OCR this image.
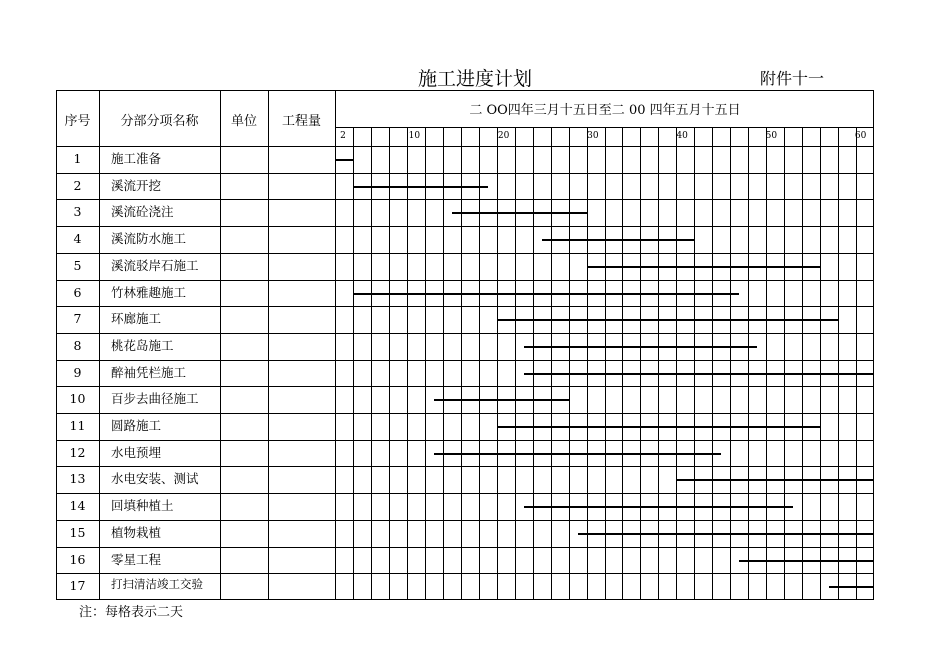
施工进度计划	附件十一
序号	分部分项名称	单位	工程量
二 OO四年三月十五日至二 00 四年五月十五日
2	10	20	30	40	50	60
1	施工准备
2	溪流开挖
3	溪流砼浇注
4	溪流防水施工
5	溪流驳岸石施工
6	竹林雅趣施工
7	环廊施工
8	桃花岛施工
9	醉袖凭栏施工
10	百步去曲径施工
11	圆路施工
12	水电预埋
13	水电安装、测试
14	回填种植土
15	植物栽植
16	零星工程
17	打扫清洁竣工交验
注：每格表示二天
